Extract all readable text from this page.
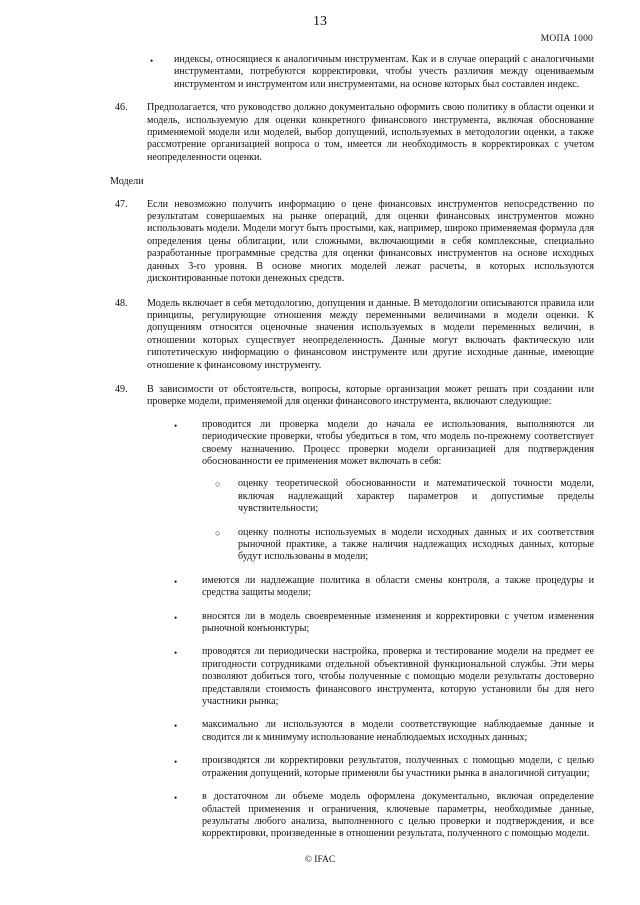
13
МОПА 1000
• индексы, относящиеся к аналогичным инструментам. Как и в случае операций с аналогичными инструментами, потребуются корректировки, чтобы учесть различия между оцениваемым инструментом и инструментом или инструментами, на основе которых был составлен индекс.
46. Предполагается, что руководство должно документально оформить свою политику в области оценки и модель, используемую для оценки конкретного финансового инструмента, включая обоснование применяемой модели или моделей, выбор допущений, используемых в методологии оценки, а также рассмотрение организацией вопроса о том, имеется ли необходимость в корректировках с учетом неопределенности оценки.
Модели
47. Если невозможно получить информацию о цене финансовых инструментов непосредственно по результатам совершаемых на рынке операций, для оценки финансовых инструментов можно использовать модели. Модели могут быть простыми, как, например, широко применяемая формула для определения цены облигации, или сложными, включающими в себя комплексные, специально разработанные программные средства для оценки финансовых инструментов на основе исходных данных 3-го уровня. В основе многих моделей лежат расчеты, в которых используются дисконтированные потоки денежных средств.
48. Модель включает в себя методологию, допущения и данные. В методологии описываются правила или принципы, регулирующие отношения между переменными величинами в модели оценки. К допущениям относятся оценочные значения используемых в модели переменных величин, в отношении которых существует неопределенность. Данные могут включать фактическую или гипотетическую информацию о финансовом инструменте или другие исходные данные, имеющие отношение к финансовому инструменту.
49. В зависимости от обстоятельств, вопросы, которые организация может решать при создании или проверке модели, применяемой для оценки финансового инструмента, включают следующие:
• проводится ли проверка модели до начала ее использования, выполняются ли периодические проверки, чтобы убедиться в том, что модель по-прежнему соответствует своему назначению. Процесс проверки модели организацией для подтверждения обоснованности ее применения может включать в себя:
○ оценку теоретической обоснованности и математической точности модели, включая надлежащий характер параметров и допустимые пределы чувствительности;
○ оценку полноты используемых в модели исходных данных и их соответствия рыночной практике, а также наличия надлежащих исходных данных, которые будут использованы в модели;
• имеются ли надлежащие политика в области смены контроля, а также процедуры и средства защиты модели;
• вносятся ли в модель своевременные изменения и корректировки с учетом изменения рыночной конъюнктуры;
• проводятся ли периодически настройка, проверка и тестирование модели на предмет ее пригодности сотрудниками отдельной объективной функциональной службы. Эти меры позволяют добиться того, чтобы полученные с помощью модели результаты достоверно представляли стоимость финансового инструмента, которую установили бы для него участники рынка;
• максимально ли используются в модели соответствующие наблюдаемые данные и сводится ли к минимуму использование ненаблюдаемых исходных данных;
• производятся ли корректировки результатов, полученных с помощью модели, с целью отражения допущений, которые применяли бы участники рынка в аналогичной ситуации;
• в достаточном ли объеме модель оформлена документально, включая определение областей применения и ограничения, ключевые параметры, необходимые данные, результаты любого анализа, выполненного с целью проверки и подтверждения, и все корректировки, произведенные в отношении результата, полученного с помощью модели.
© IFAC
